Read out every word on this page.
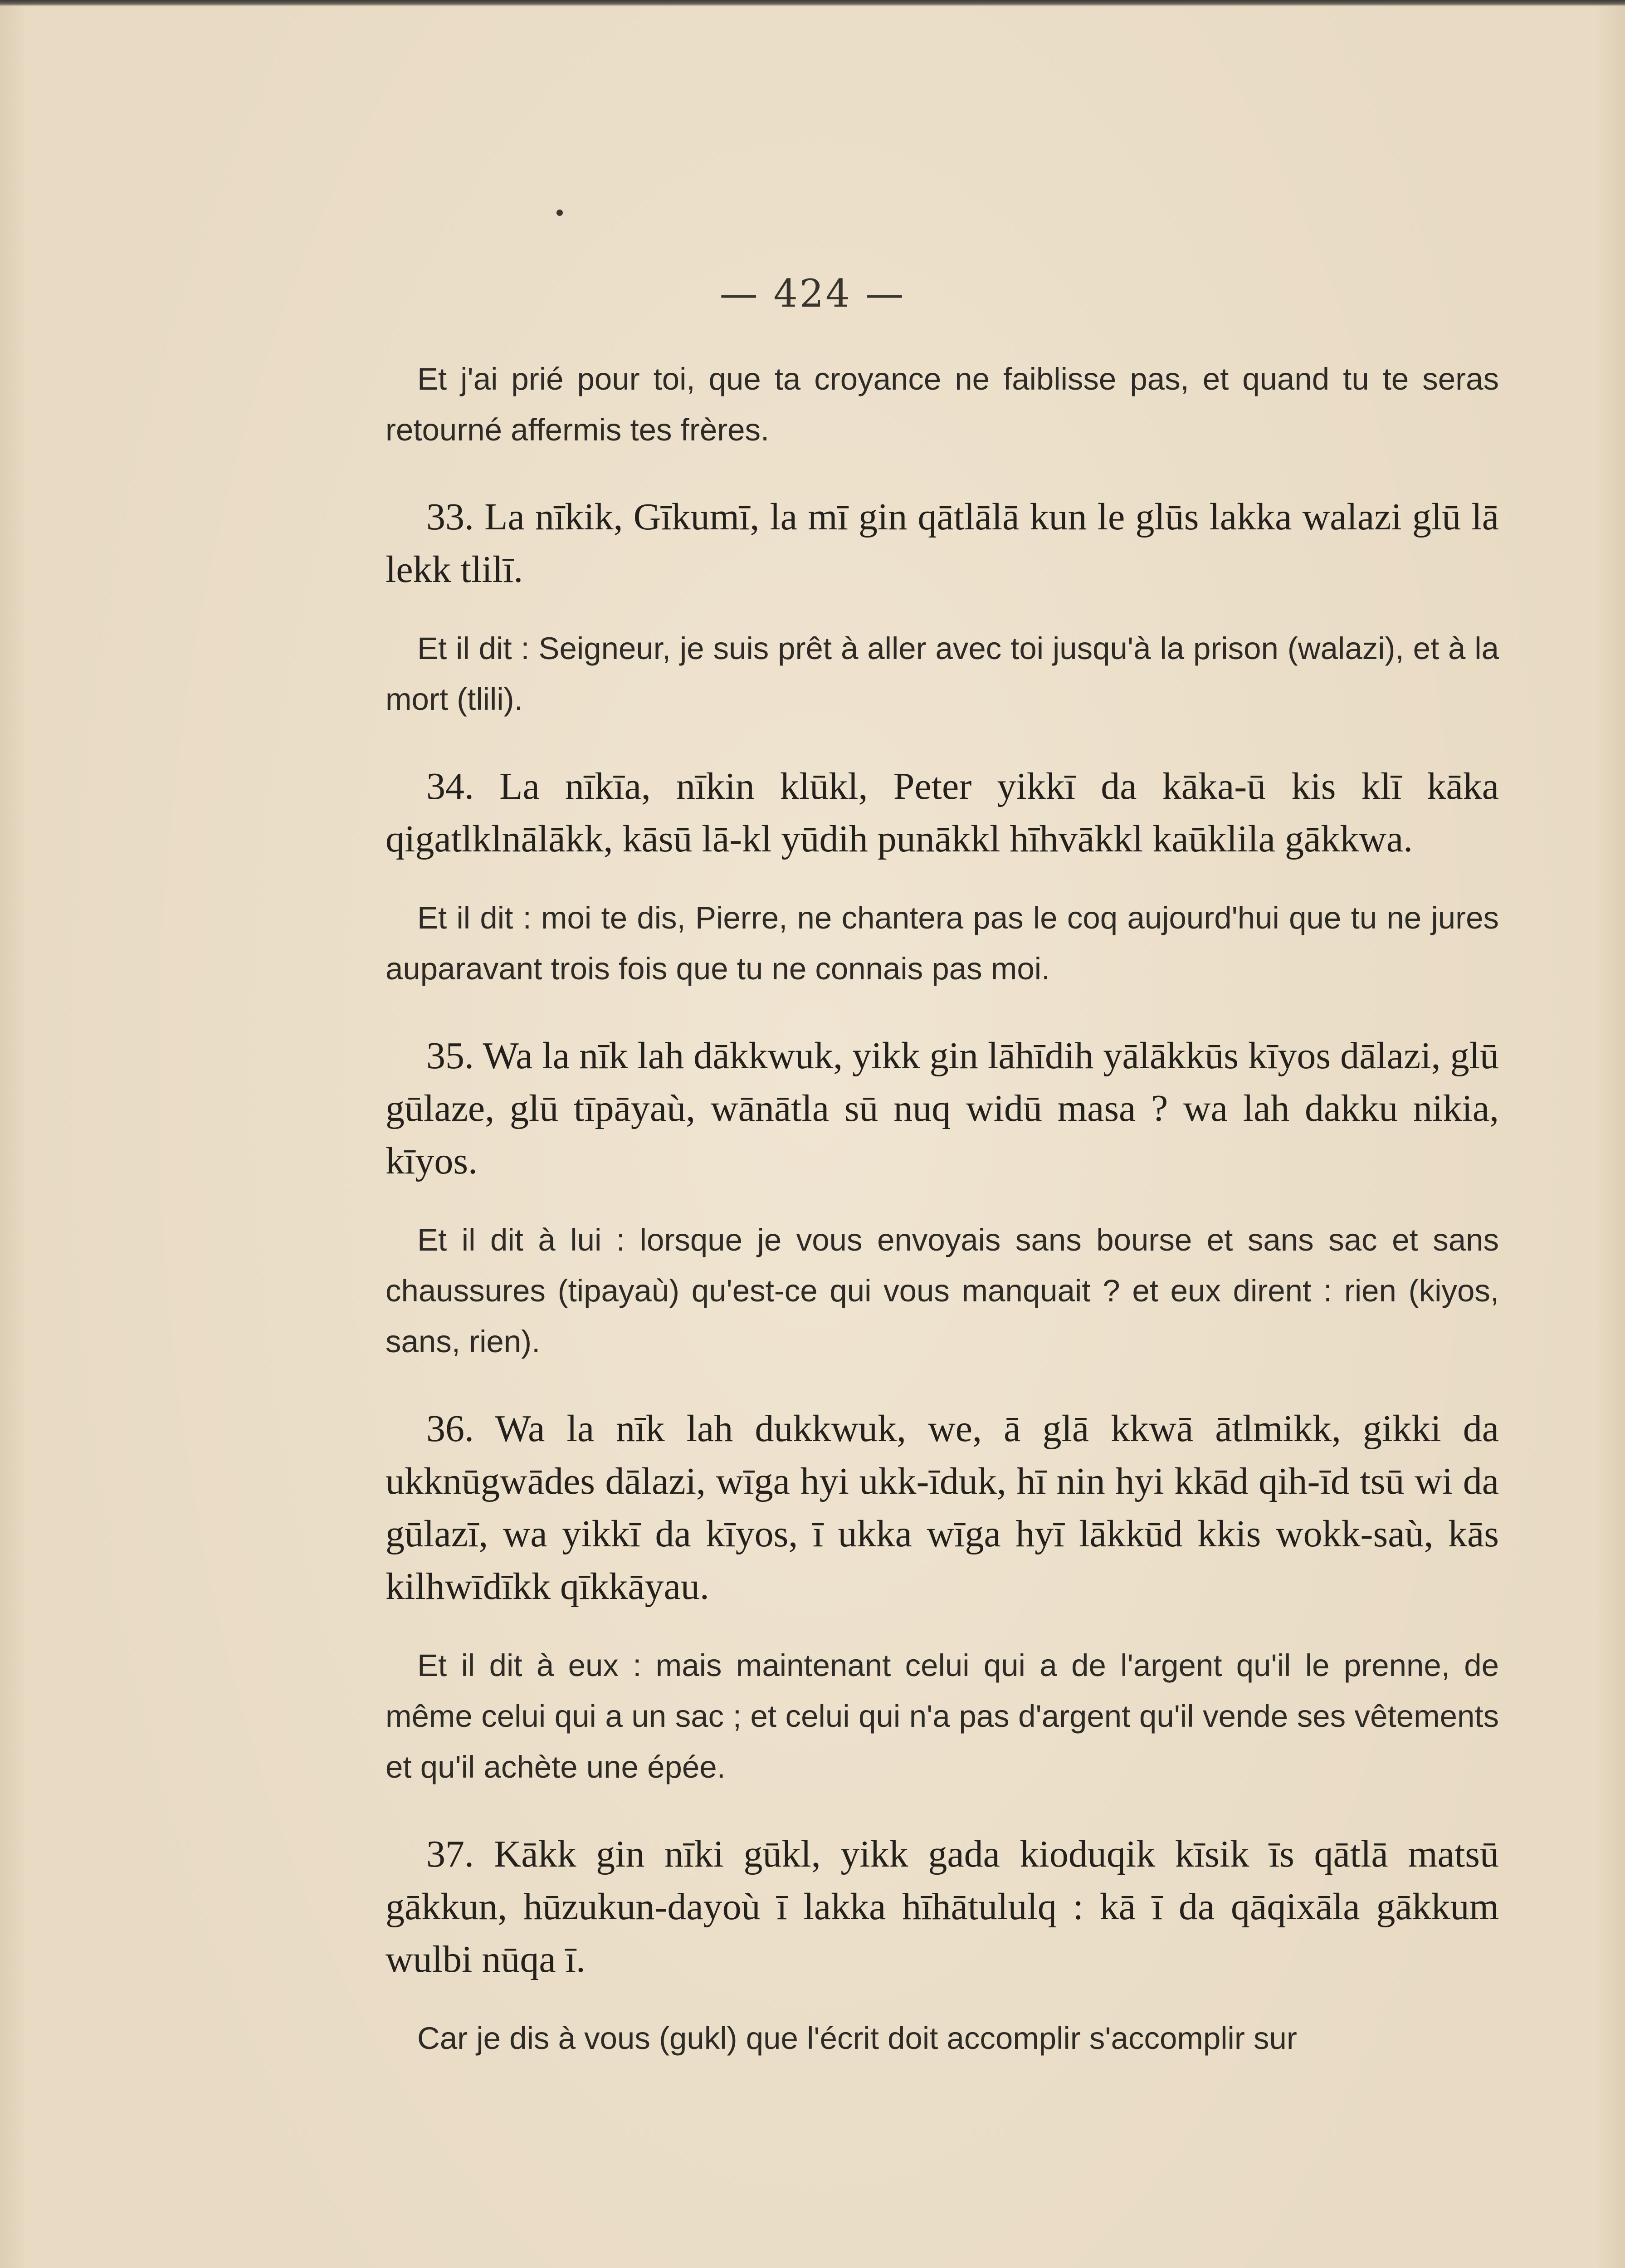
— 424 —

Et j'ai prié pour toi, que ta croyance ne faiblisse pas, et quand tu te seras retourné affermis tes frères.

33. La nīkik, Gīkumī, la mī gin qātlālā kun le glūs lakka walazi glū lā lekk tlilī.

Et il dit : Seigneur, je suis prêt à aller avec toi jusqu'à la prison (walazi), et à la mort (tlili).

34. La nīkīa, nīkin klūkl, Peter yikkī da kāka-ū kis klī kāka qigatlklnālākk, kāsū lā-kl yūdih punākkl hīhvākkl kaūklila gākkwa.

Et il dit : moi te dis, Pierre, ne chantera pas le coq aujourd'hui que tu ne jures auparavant trois fois que tu ne connais pas moi.

35. Wa la nīk lah dākkwuk, yikk gin lāhīdih yālākkūs kīyos dālazi, glū gūlaze, glū tīpāyaù, wānātla sū nuq widū masa ? wa lah dakku nikia, kīyos.

Et il dit à lui : lorsque je vous envoyais sans bourse et sans sac et sans chaussures (tipayaù) qu'est-ce qui vous manquait ? et eux dirent : rien (kiyos, sans, rien).

36. Wa la nīk lah dukkwuk, we, ā glā kkwā ātlmikk, gikki da ukknūgwādes dālazi, wīga hyi ukk-īduk, hī nin hyi kkād qih-īd tsū wi da gūlazī, wa yikkī da kīyos, ī ukka wīga hyī lākkūd kkis wokk-saù, kās kilhwīdīkk qīkkāyau.

Et il dit à eux : mais maintenant celui qui a de l'argent qu'il le prenne, de même celui qui a un sac ; et celui qui n'a pas d'argent qu'il vende ses vêtements et qu'il achète une épée.

37. Kākk gin nīki gūkl, yikk gada kioduqik kīsik īs qātlā matsū gākkun, hūzukun-dayoù ī lakka hīhātululq : kā ī da qāqixāla gākkum wulbi nūqa ī.

Car je dis à vous (gukl) que l'écrit doit accomplir s'accomplir sur
